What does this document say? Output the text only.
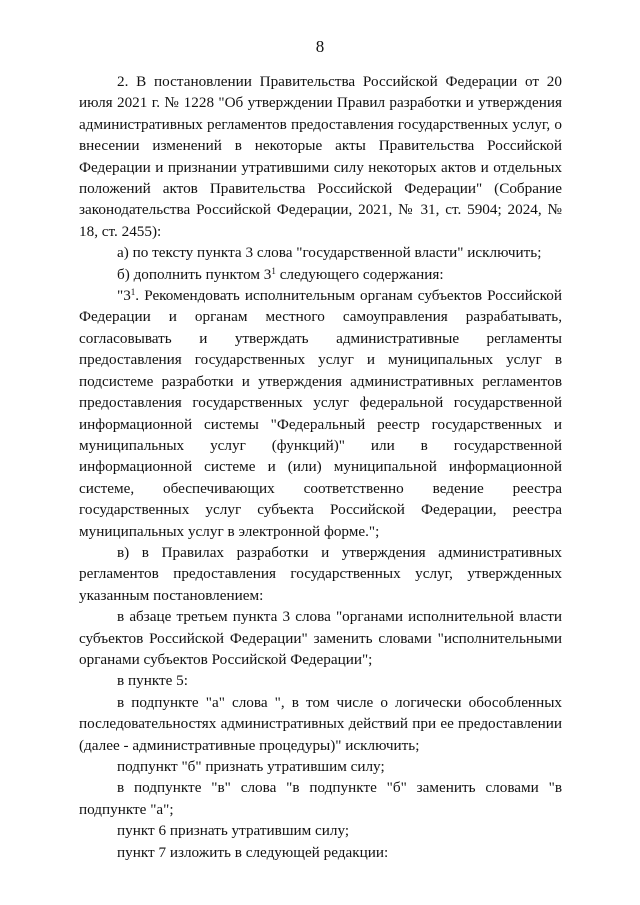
8

2. В постановлении Правительства Российской Федерации от 20 июля 2021 г. № 1228 "Об утверждении Правил разработки и утверждения административных регламентов предоставления государственных услуг, о внесении изменений в некоторые акты Правительства Российской Федерации и признании утратившими силу некоторых актов и отдельных положений актов Правительства Российской Федерации" (Собрание законодательства Российской Федерации, 2021, № 31, ст. 5904; 2024, № 18, ст. 2455):

а) по тексту пункта 3 слова "государственной власти" исключить;

б) дополнить пунктом $3^1$ следующего содержания:

"$3^1$. Рекомендовать исполнительным органам субъектов Российской Федерации и органам местного самоуправления разрабатывать, согласовывать и утверждать административные регламенты предоставления государственных услуг и муниципальных услуг в подсистеме разработки и утверждения административных регламентов предоставления государственных услуг федеральной государственной информационной системы "Федеральный реестр государственных и муниципальных услуг (функций)" или в государственной информационной системе и (или) муниципальной информационной системе, обеспечивающих соответственно ведение реестра государственных услуг субъекта Российской Федерации, реестра муниципальных услуг в электронной форме.";

в) в Правилах разработки и утверждения административных регламентов предоставления государственных услуг, утвержденных указанным постановлением:

в абзаце третьем пункта 3 слова "органами исполнительной власти субъектов Российской Федерации" заменить словами "исполнительными органами субъектов Российской Федерации";

в пункте 5:

в подпункте "а" слова ", в том числе о логически обособленных последовательностях административных действий при ее предоставлении (далее - административные процедуры)" исключить;

подпункт "б" признать утратившим силу;

в подпункте "в" слова "в подпункте "б" заменить словами "в подпункте "а";

пункт 6 признать утратившим силу;

пункт 7 изложить в следующей редакции:
